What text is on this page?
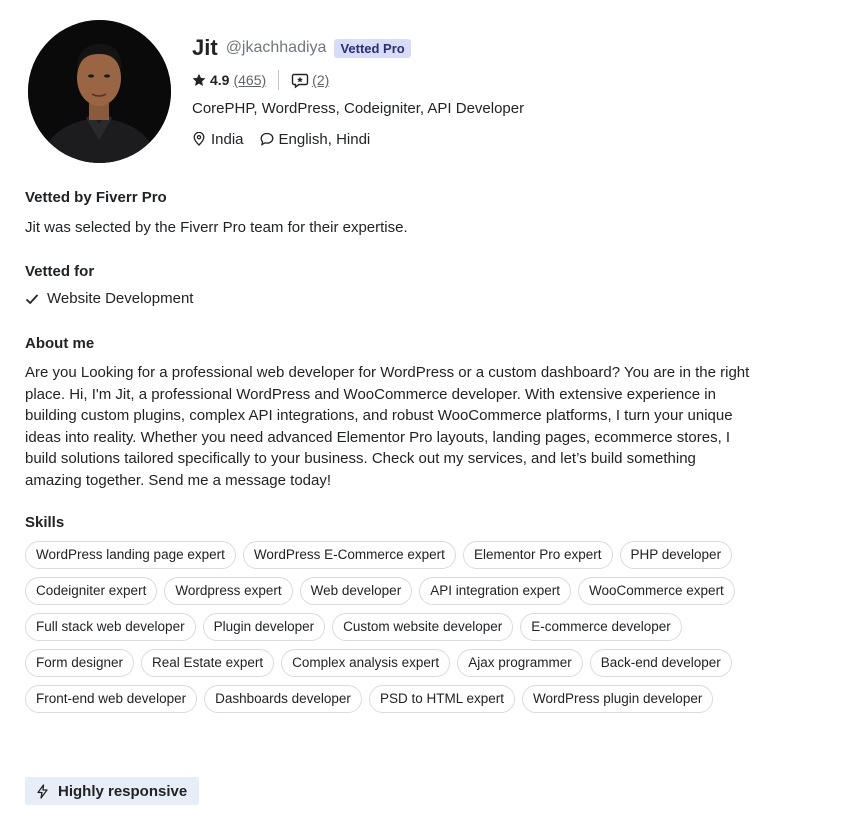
Jit @jkachhadiya	Vetted Pro
4.9 (465)	(2)
CorePHP, WordPress, Codeigniter, API Developer
India English, Hindi
Vetted by Fiverr Pro
Jit was selected by the Fiverr Pro team for their expertise.
Vetted for
Website Development
About me
Are you Looking for a professional web developer for WordPress or a custom dashboard? You are in the right place. Hi, I'm Jit, a professional WordPress and WooCommerce developer. With extensive experience in building custom plugins, complex API integrations, and robust WooCommerce platforms, I turn your unique ideas into reality. Whether you need advanced Elementor Pro layouts, landing pages, ecommerce stores, I build solutions tailored specifically to your business. Check out my services, and let’s build something amazing together. Send me a message today!
Skills
WordPress landing page expert	WordPress E-Commerce expert	Elementor Pro expert	PHP developer
Codeigniter expert	Wordpress expert	Web developer	API integration expert	WooCommerce expert
Full stack web developer	Plugin developer	Custom website developer	E-commerce developer
Form designer	Real Estate expert	Complex analysis expert	Ajax programmer	Back-end developer
Front-end web developer	Dashboards developer	PSD to HTML expert	WordPress plugin developer
Highly responsive
